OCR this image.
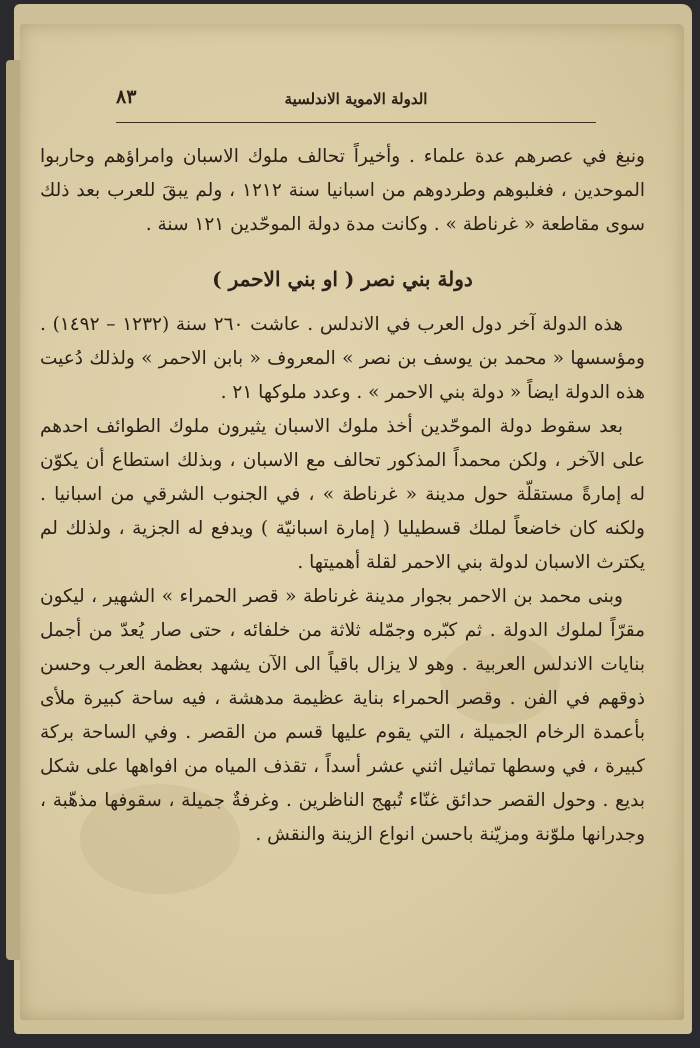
٨٣	الدولة الاموية الاندلسية

ونبغ في عصرهم عدة علماء . وأخيراً تحالف ملوك الاسبان وامراؤهم وحاربوا الموحدين ، فغلبوهم وطردوهم من اسبانيا سنة ١٢١٢ ، ولم يبقَ للعرب بعد ذلك سوى مقاطعة « غرناطة » . وكانت مدة دولة الموحّدين ١٢١ سنة .

دولة بني نصر ( او بني الاحمر )

هذه الدولة آخر دول العرب في الاندلس . عاشت ٢٦٠ سنة (١٢٣٢ – ١٤٩٢) . ومؤسسها « محمد بن يوسف بن نصر » المعروف « بابن الاحمر » ولذلك دُعيت هذه الدولة ايضاً « دولة بني الاحمر » . وعدد ملوكها ٢١ .

بعد سقوط دولة الموحّدين أخذ ملوك الاسبان يثيرون ملوك الطوائف احدهم على الآخر ، ولكن محمداً المذكور تحالف مع الاسبان ، وبذلك استطاع أن يكوّن له إمارةً مستقلّة حول مدينة « غرناطة » ، في الجنوب الشرقي من اسبانيا . ولكنه كان خاضعاً لملك قسطيليا ( إمارة اسبانيّة ) ويدفع له الجزية ، ولذلك لم يكترث الاسبان لدولة بني الاحمر لقلة أهميتها .

وبنى محمد بن الاحمر بجوار مدينة غرناطة « قصر الحمراء » الشهير ، ليكون مقرّاً لملوك الدولة . ثم كبّره وجمّله ثلاثة من خلفائه ، حتى صار يُعدّ من أجمل بنايات الاندلس العربية . وهو لا يزال باقياً الى الآن يشهد بعظمة العرب وحسن ذوقهم في الفن . وقصر الحمراء بناية عظيمة مدهشة ، فيه ساحة كبيرة ملأى بأعمدة الرخام الجميلة ، التي يقوم عليها قسم من القصر . وفي الساحة بركة كبيرة ، في وسطها تماثيل اثني عشر أسداً ، تقذف المياه من افواهها على شكل بديع . وحول القصر حدائق غنّاء تُبهج الناظرين . وغرفةٌ جميلة ، سقوفها مذهّبة ، وجدرانها ملوّنة ومزيّنة باحسن انواع الزينة والنقش .
